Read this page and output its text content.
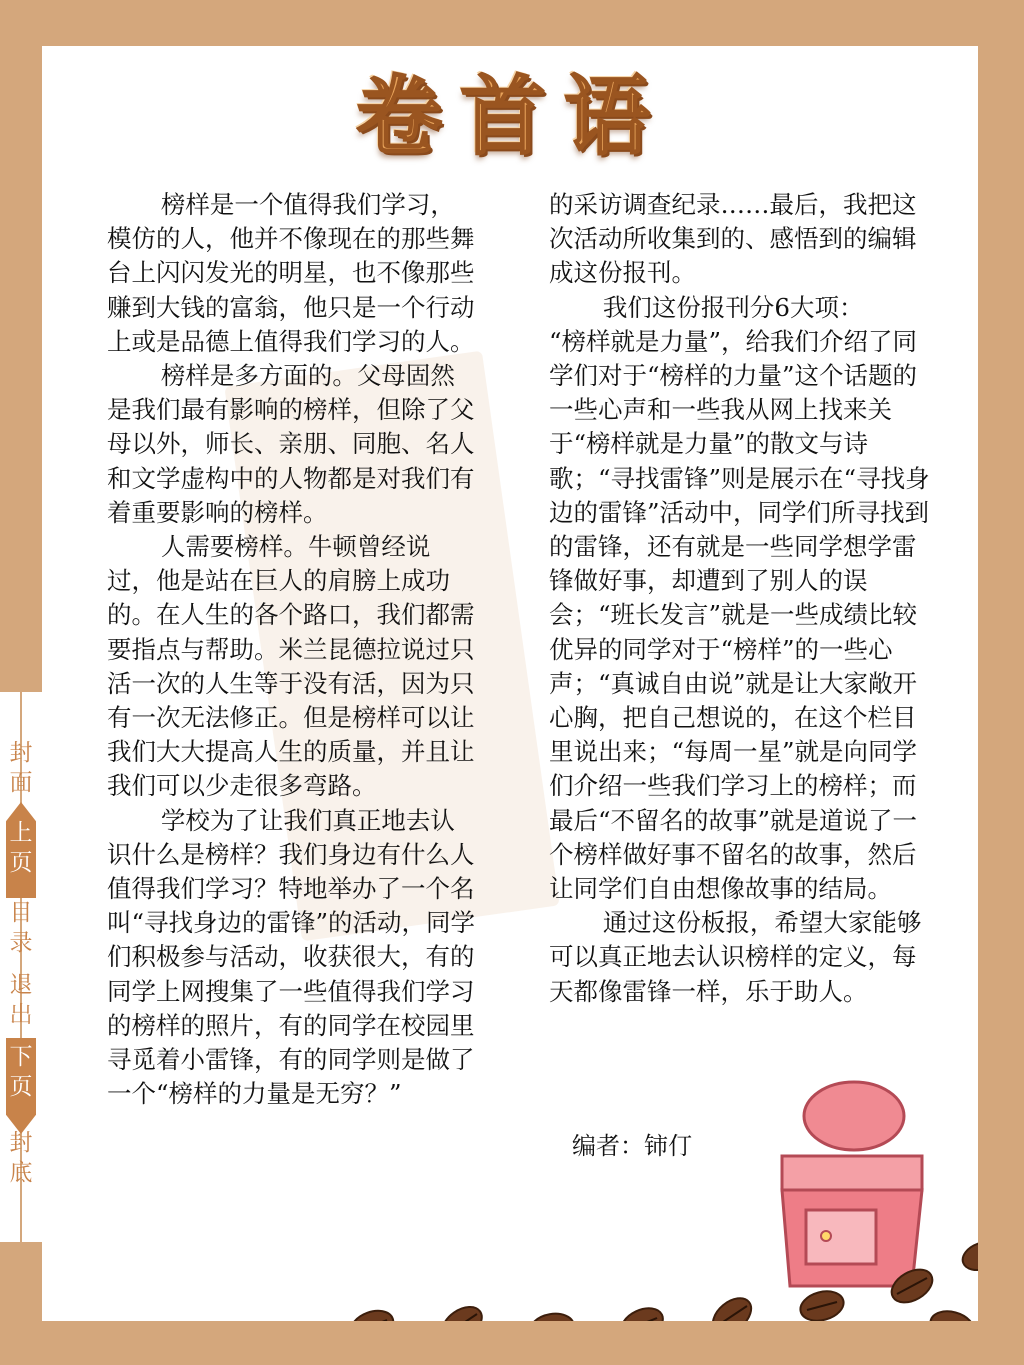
卷首语

榜样是一个值得我们学习，模仿的人，他并不像现在的那些舞台上闪闪发光的明星，也不像那些赚到大钱的富翁，他只是一个行动上或是品德上值得我们学习的人。

榜样是多方面的。父母固然是我们最有影响的榜样，但除了父母以外，师长、亲朋、同胞、名人和文学虚构中的人物都是对我们有着重要影响的榜样。

人需要榜样。牛顿曾经说过，他是站在巨人的肩膀上成功的。在人生的各个路口，我们都需要指点与帮助。米兰昆德拉说过只活一次的人生等于没有活，因为只有一次无法修正。但是榜样可以让我们大大提高人生的质量，并且让我们可以少走很多弯路。

学校为了让我们真正地去认识什么是榜样？我们身边有什么人值得我们学习？特地举办了一个名叫“寻找身边的雷锋”的活动，同学们积极参与活动，收获很大，有的同学上网搜集了一些值得我们学习的榜样的照片，有的同学在校园里寻觅着小雷锋，有的同学则是做了一个“榜样的力量是无穷？”

的采访调查纪录……最后，我把这次活动所收集到的、感悟到的编辑成这份报刊。

我们这份报刊分6大项：

“榜样就是力量”，给我们介绍了同学们对于“榜样的力量”这个话题的一些心声和一些我从网上找来关于“榜样就是力量”的散文与诗歌；“寻找雷锋”则是展示在“寻找身边的雷锋”活动中，同学们所寻找到的雷锋，还有就是一些同学想学雷锋做好事，却遭到了别人的误会；“班长发言”就是一些成绩比较优异的同学对于“榜样”的一些心声；“真诚自由说”就是让大家敞开心胸，把自己想说的，在这个栏目里说出来；“每周一星”就是向同学们介绍一些我们学习上的榜样；而最后“不留名的故事”就是道说了一个榜样做好事不留名的故事，然后让同学们自由想像故事的结局。

通过这份板报，希望大家能够可以真正地去认识榜样的定义，每天都像雷锋一样，乐于助人。

编者：铈仃
封面
上页
目录
退出
下页
封底
